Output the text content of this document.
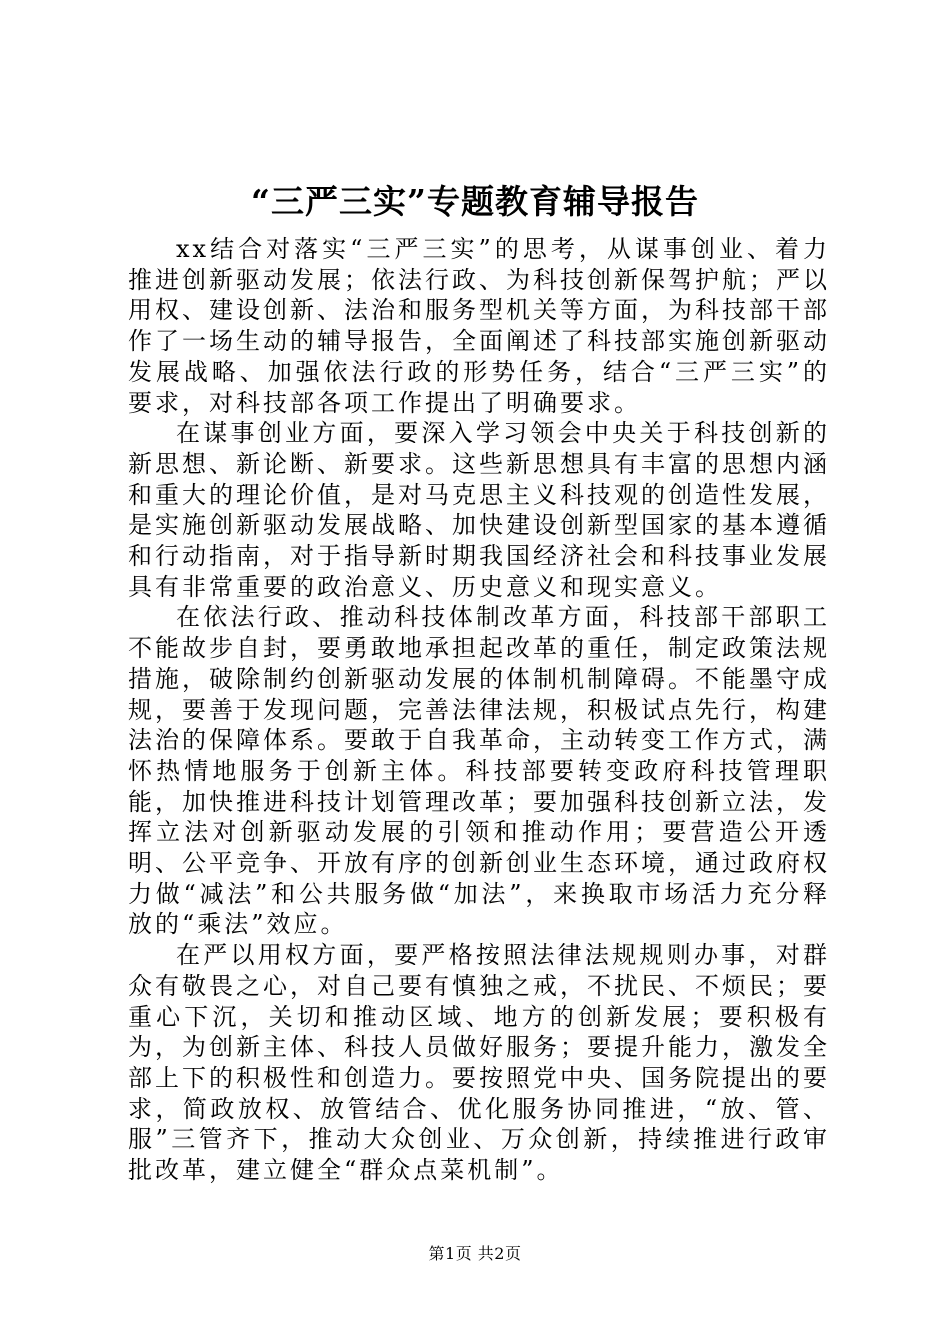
“三严三实”专题教育辅导报告

xx结合对落实“三严三实”的思考，从谋事创业、着力推进创新驱动发展；依法行政、为科技创新保驾护航；严以用权、建设创新、法治和服务型机关等方面，为科技部干部作了一场生动的辅导报告，全面阐述了科技部实施创新驱动发展战略、加强依法行政的形势任务，结合“三严三实”的要求，对科技部各项工作提出了明确要求。

在谋事创业方面，要深入学习领会中央关于科技创新的新思想、新论断、新要求。这些新思想具有丰富的思想内涵和重大的理论价值，是对马克思主义科技观的创造性发展，是实施创新驱动发展战略、加快建设创新型国家的基本遵循和行动指南，对于指导新时期我国经济社会和科技事业发展具有非常重要的政治意义、历史意义和现实意义。

在依法行政、推动科技体制改革方面，科技部干部职工不能故步自封，要勇敢地承担起改革的重任，制定政策法规措施，破除制约创新驱动发展的体制机制障碍。不能墨守成规，要善于发现问题，完善法律法规，积极试点先行，构建法治的保障体系。要敢于自我革命，主动转变工作方式，满怀热情地服务于创新主体。科技部要转变政府科技管理职能，加快推进科技计划管理改革；要加强科技创新立法，发挥立法对创新驱动发展的引领和推动作用；要营造公开透明、公平竞争、开放有序的创新创业生态环境，通过政府权力做“减法”和公共服务做“加法”，来换取市场活力充分释放的“乘法”效应。

在严以用权方面，要严格按照法律法规规则办事，对群众有敬畏之心，对自己要有慎独之戒，不扰民、不烦民；要重心下沉，关切和推动区域、地方的创新发展；要积极有为，为创新主体、科技人员做好服务；要提升能力，激发全部上下的积极性和创造力。要按照党中央、国务院提出的要求，简政放权、放管结合、优化服务协同推进，“放、管、服”三管齐下，推动大众创业、万众创新，持续推进行政审批改革，建立健全“群众点菜机制”。

第1页 共2页
